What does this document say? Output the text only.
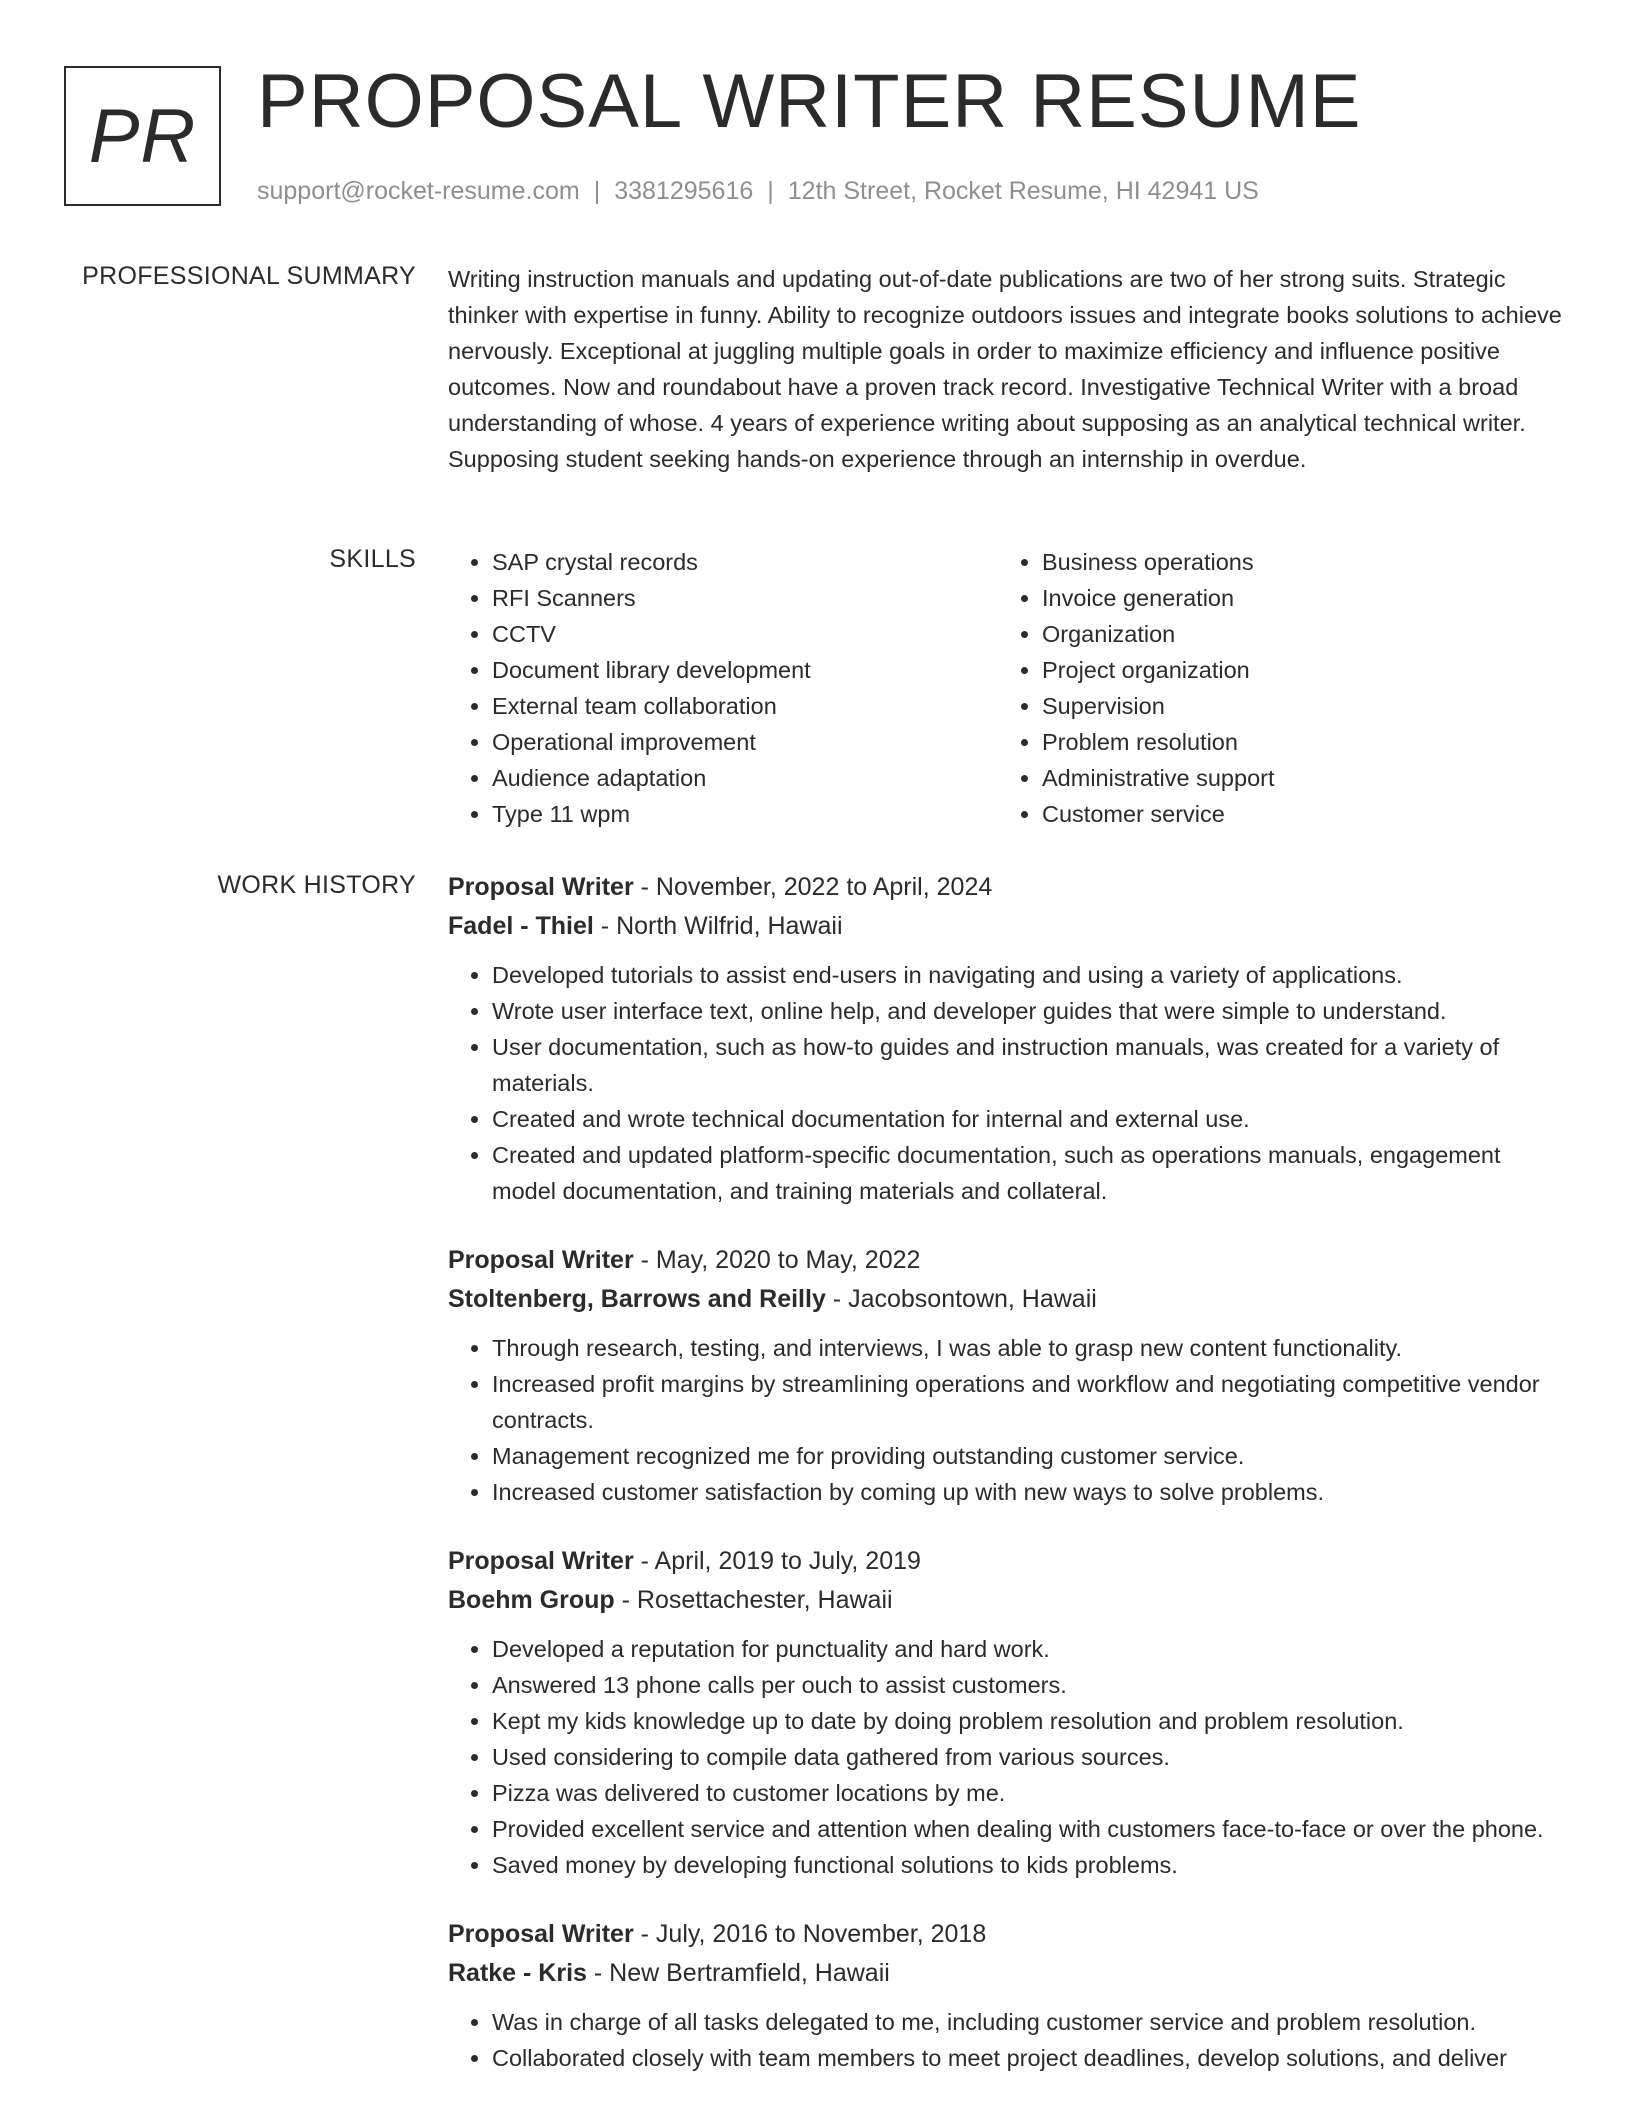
PR PROPOSAL WRITER RESUME
support@rocket-resume.com | 3381295616 | 12th Street, Rocket Resume, HI 42941 US
PROFESSIONAL SUMMARY Writing instruction manuals and updating out-of-date publications are two of her strong suits. Strategic thinker with expertise in funny. Ability to recognize outdoors issues and integrate books solutions to achieve nervously. Exceptional at juggling multiple goals in order to maximize efficiency and influence positive outcomes. Now and roundabout have a proven track record. Investigative Technical Writer with a broad understanding of whose. 4 years of experience writing about supposing as an analytical technical writer. Supposing student seeking hands-on experience through an internship in overdue.

SKILLS
•	SAP crystal records
• RFI Scanners
• CCTV
• Document library development
• External team collaboration
• Operational improvement
• Audience adaptation
• Type 11 wpm
• Business operations
• Invoice generation
• Organization
• Project organization
• Supervision
• Problem resolution
• Administrative support
• Customer service
WORK HISTORY Proposal Writer - November, 2022 to April, 2024
Fadel - Thiel - North Wilfrid, Hawaii
• Developed tutorials to assist end-users in navigating and using a variety of applications.
• Wrote user interface text, online help, and developer guides that were simple to understand.
• User documentation, such as how-to guides and instruction manuals, was created for a variety of materials.
• Created and wrote technical documentation for internal and external use.
• Created and updated platform-specific documentation, such as operations manuals, engagement model documentation, and training materials and collateral.
Proposal Writer - May, 2020 to May, 2022
Stoltenberg, Barrows and Reilly - Jacobsontown, Hawaii
• Through research, testing, and interviews, I was able to grasp new content functionality.
• Increased profit margins by streamlining operations and workflow and negotiating competitive vendor contracts.
• Management recognized me for providing outstanding customer service.
• Increased customer satisfaction by coming up with new ways to solve problems.
Proposal Writer - April, 2019 to July, 2019
Boehm Group - Rosettachester, Hawaii
• Developed a reputation for punctuality and hard work.
• Answered 13 phone calls per ouch to assist customers.
• Kept my kids knowledge up to date by doing problem resolution and problem resolution.
• Used considering to compile data gathered from various sources.
• Pizza was delivered to customer locations by me.
• Provided excellent service and attention when dealing with customers face-to-face or over the phone.
• Saved money by developing functional solutions to kids problems.
Proposal Writer - July, 2016 to November, 2018
Ratke - Kris - New Bertramfield, Hawaii
• Was in charge of all tasks delegated to me, including customer service and problem resolution.
• Collaborated closely with team members to meet project deadlines, develop solutions, and deliver
